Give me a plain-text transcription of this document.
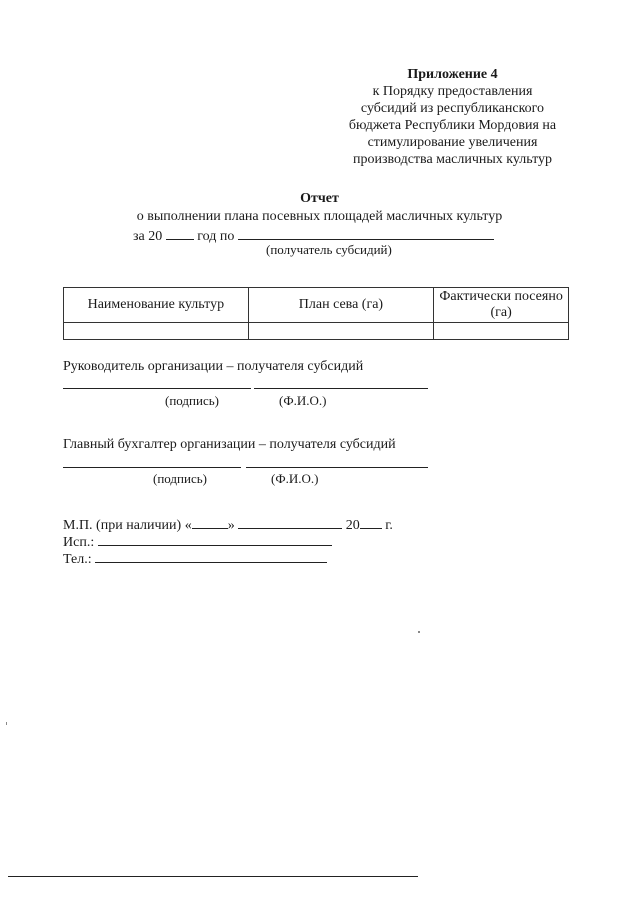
Приложение 4
к Порядку предоставления
субсидий из республиканского
бюджета Республики Мордовия на
стимулирование увеличения
производства масличных культур
Отчет
о выполнении плана посевных площадей масличных культур
за 20	год по
(получатель субсидий)
Наименование культур	План сева (га)	Фактически посеяно (га)

Руководитель организации – получателя субсидий
(подпись)	(Ф.И.О.)
Главный бухгалтер организации – получателя субсидий
(подпись)	(Ф.И.О.)
М.П. (при наличии) «	»	20 г.
Исп.:
Тел.:
